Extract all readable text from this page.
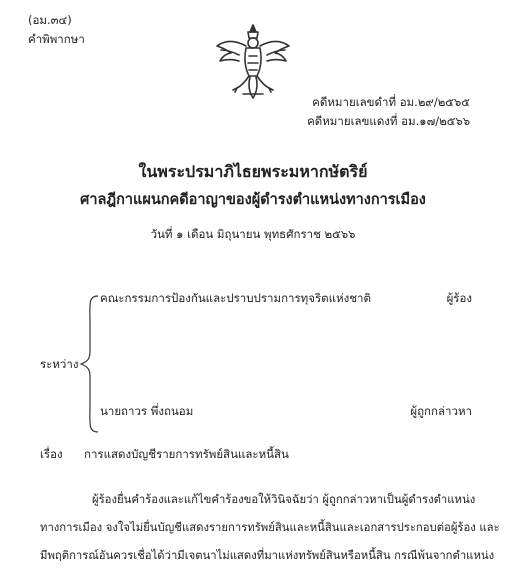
(อม.๓๔)
คำพิพากษา
คดีหมายเลขดำที่ อม.๒๙/๒๕๖๕
คดีหมายเลขแดงที่ อม.๑๗/๒๕๖๖
ในพระปรมาภิไธยพระมหากษัตริย์
ศาลฎีกาแผนกคดีอาญาของผู้ดำรงตำแหน่งทางการเมือง
วันที่ ๑ เดือน มิถุนายน พุทธศักราช ๒๕๖๖
คณะกรรมการป้องกันและปราบปรามการทุจริตแห่งชาติ	ผู้ร้อง
ระหว่าง
นายถาวร พึ่งถนอม	ผู้ถูกกล่าวหา
เรื่อง การแสดงบัญชีรายการทรัพย์สินและหนี้สิน
ผู้ร้องยื่นคำร้องและแก้ไขคำร้องขอให้วินิจฉัยว่า ผู้ถูกกล่าวหาเป็นผู้ดำรงตำแหน่ง
ทางการเมือง จงใจไม่ยื่นบัญชีแสดงรายการทรัพย์สินและหนี้สินและเอกสารประกอบต่อผู้ร้อง และ
มีพฤติการณ์อันควรเชื่อได้ว่ามีเจตนาไม่แสดงที่มาแห่งทรัพย์สินหรือหนี้สิน กรณีพ้นจากตำแหน่ง
